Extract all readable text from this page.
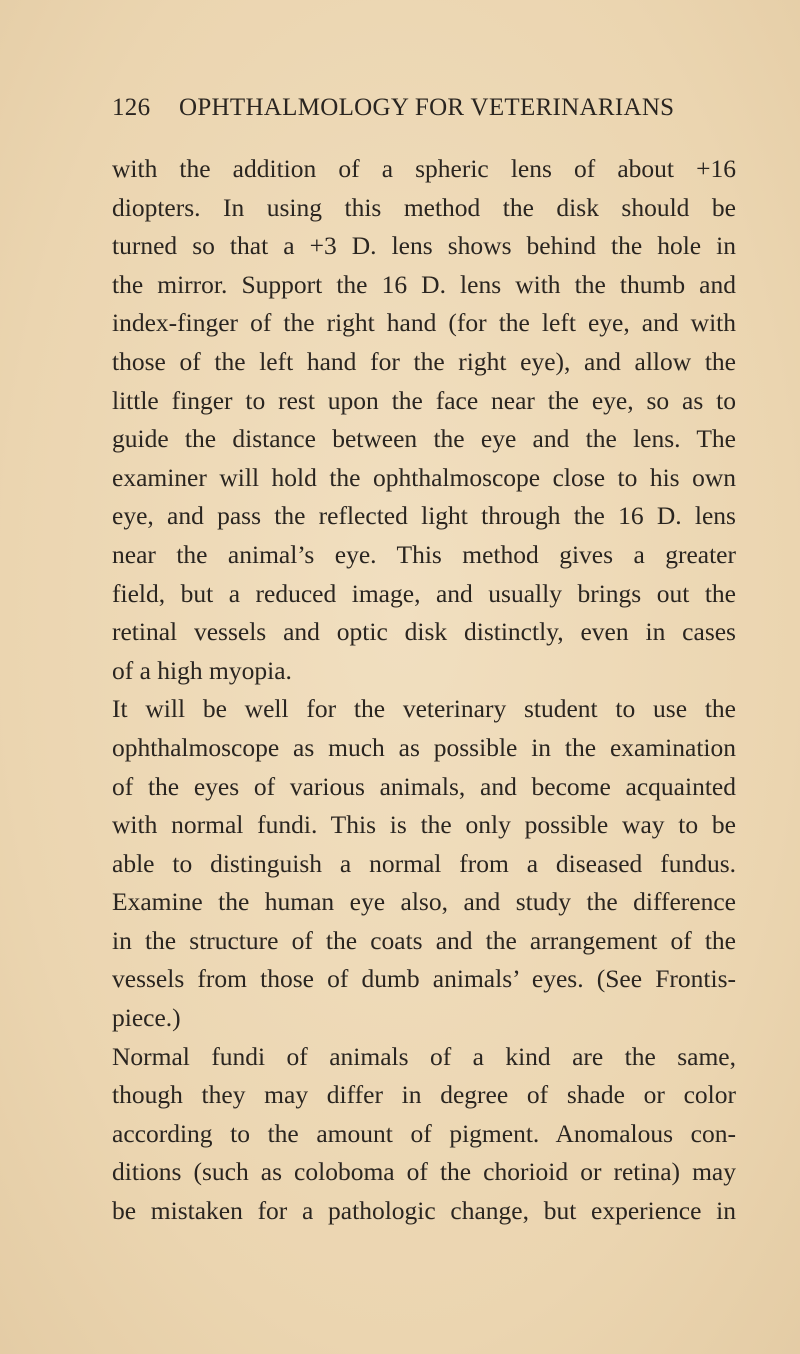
126 OPHTHALMOLOGY FOR VETERINARIANS
with the addition of a spheric lens of about +16
diopters. In using this method the disk should be
turned so that a +3 D. lens shows behind the hole in
the mirror. Support the 16 D. lens with the thumb and
index-finger of the right hand (for the left eye, and with
those of the left hand for the right eye), and allow the
little finger to rest upon the face near the eye, so as to
guide the distance between the eye and the lens. The
examiner will hold the ophthalmoscope close to his own
eye, and pass the reflected light through the 16 D. lens
near the animal’s eye. This method gives a greater
field, but a reduced image, and usually brings out the
retinal vessels and optic disk distinctly, even in cases
of a high myopia.
It will be well for the veterinary student to use the
ophthalmoscope as much as possible in the examination
of the eyes of various animals, and become acquainted
with normal fundi. This is the only possible way to be
able to distinguish a normal from a diseased fundus.
Examine the human eye also, and study the difference
in the structure of the coats and the arrangement of the
vessels from those of dumb animals’ eyes. (See Frontis-
piece.)
Normal fundi of animals of a kind are the same,
though they may differ in degree of shade or color
according to the amount of pigment. Anomalous con-
ditions (such as coloboma of the chorioid or retina) may
be mistaken for a pathologic change, but experience in
